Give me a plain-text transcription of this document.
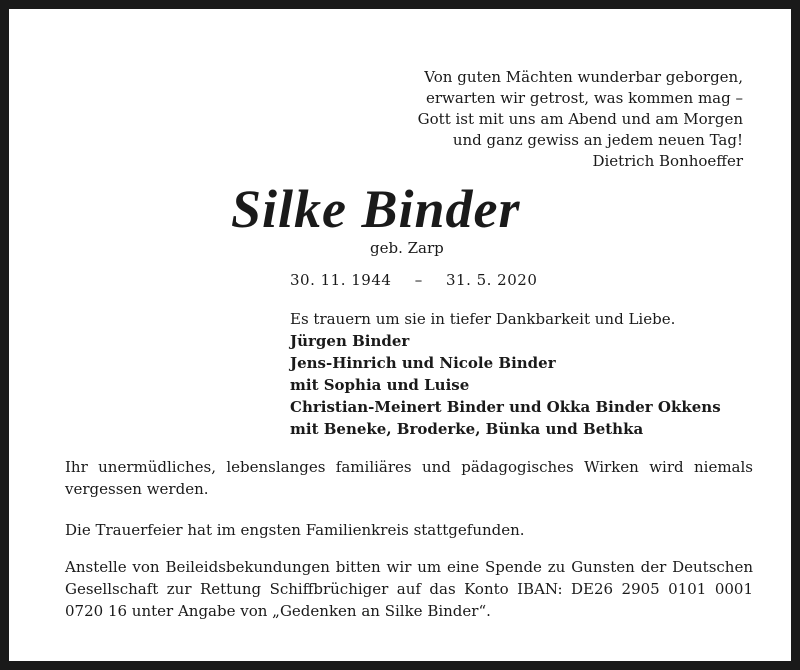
Von guten Mächten wunderbar geborgen,
erwarten wir getrost, was kommen mag –
Gott ist mit uns am Abend und am Morgen
und ganz gewiss an jedem neuen Tag!
Dietrich Bonhoeffer
Silke Binder
geb. Zarp
30. 11. 1944 – 31. 5. 2020
Es trauern um sie in tiefer Dankbarkeit und Liebe.
Jürgen Binder
Jens-Hinrich und Nicole Binder
mit Sophia und Luise
Christian-Meinert Binder und Okka Binder Okkens
mit Beneke, Broderke, Bünka und Bethka

Ihr unermüdliches, lebenslanges familiäres und pädagogisches Wirken wird niemals vergessen werden.

Die Trauerfeier hat im engsten Familienkreis stattgefunden.

Anstelle von Beileidsbekundungen bitten wir um eine Spende zu Gunsten der Deutschen Gesellschaft zur Rettung Schiffbrüchiger auf das Konto IBAN: DE26 2905 0101 0001 0720 16 unter Angabe von „Gedenken an Silke Binder“.
